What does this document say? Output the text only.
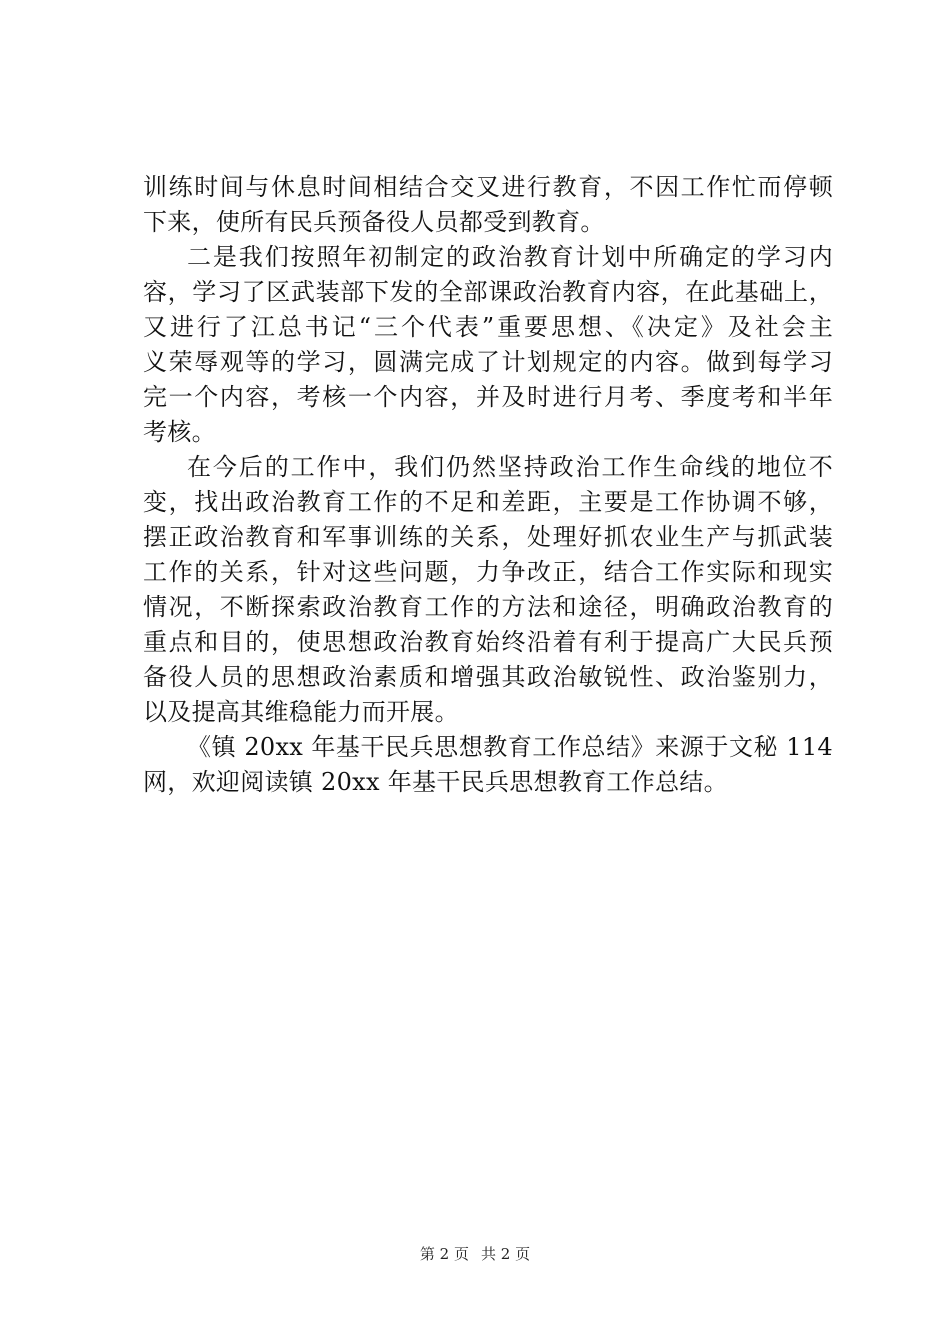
训练时间与休息时间相结合交叉进行教育，不因工作忙而停顿
下来，使所有民兵预备役人员都受到教育。
二是我们按照年初制定的政治教育计划中所确定的学习内
容，学习了区武装部下发的全部课政治教育内容，在此基础上，
又进行了江总书记“三个代表”重要思想、《决定》及社会主
义荣辱观等的学习，圆满完成了计划规定的内容。做到每学习
完一个内容，考核一个内容，并及时进行月考、季度考和半年
考核。
在今后的工作中，我们仍然坚持政治工作生命线的地位不
变，找出政治教育工作的不足和差距，主要是工作协调不够，
摆正政治教育和军事训练的关系，处理好抓农业生产与抓武装
工作的关系，针对这些问题，力争改正，结合工作实际和现实
情况，不断探索政治教育工作的方法和途径，明确政治教育的
重点和目的，使思想政治教育始终沿着有利于提高广大民兵预
备役人员的思想政治素质和增强其政治敏锐性、政治鉴别力，
以及提高其维稳能力而开展。
《镇 20xx 年基干民兵思想教育工作总结》来源于文秘 114
网，欢迎阅读镇 20xx 年基干民兵思想教育工作总结。
第 2 页 共 2 页
